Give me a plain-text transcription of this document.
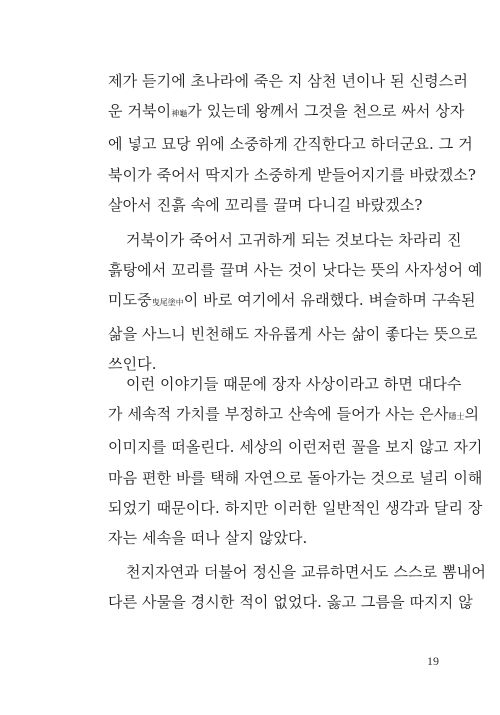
제가 듣기에 초나라에 죽은 지 삼천 년이나 된 신령스러
운 거북이神龜가 있는데 왕께서 그것을 천으로 싸서 상자
에 넣고 묘당 위에 소중하게 간직한다고 하더군요. 그 거
북이가 죽어서 딱지가 소중하게 받들어지기를 바랐겠소?
살아서 진흙 속에 꼬리를 끌며 다니길 바랐겠소?

거북이가 죽어서 고귀하게 되는 것보다는 차라리 진
흙탕에서 꼬리를 끌며 사는 것이 낫다는 뜻의 사자성어 예
미도중曳尾塗中이 바로 여기에서 유래했다. 벼슬하며 구속된
삶을 사느니 빈천해도 자유롭게 사는 삶이 좋다는 뜻으로
쓰인다.

이런 이야기들 때문에 장자 사상이라고 하면 대다수
가 세속적 가치를 부정하고 산속에 들어가 사는 은사隱士의
이미지를 떠올린다. 세상의 이런저런 꼴을 보지 않고 자기
마음 편한 바를 택해 자연으로 돌아가는 것으로 널리 이해
되었기 때문이다. 하지만 이러한 일반적인 생각과 달리 장
자는 세속을 떠나 살지 않았다.

천지자연과 더불어 정신을 교류하면서도 스스로 뽐내어
다른 사물을 경시한 적이 없었다. 옳고 그름을 따지지 않

19
